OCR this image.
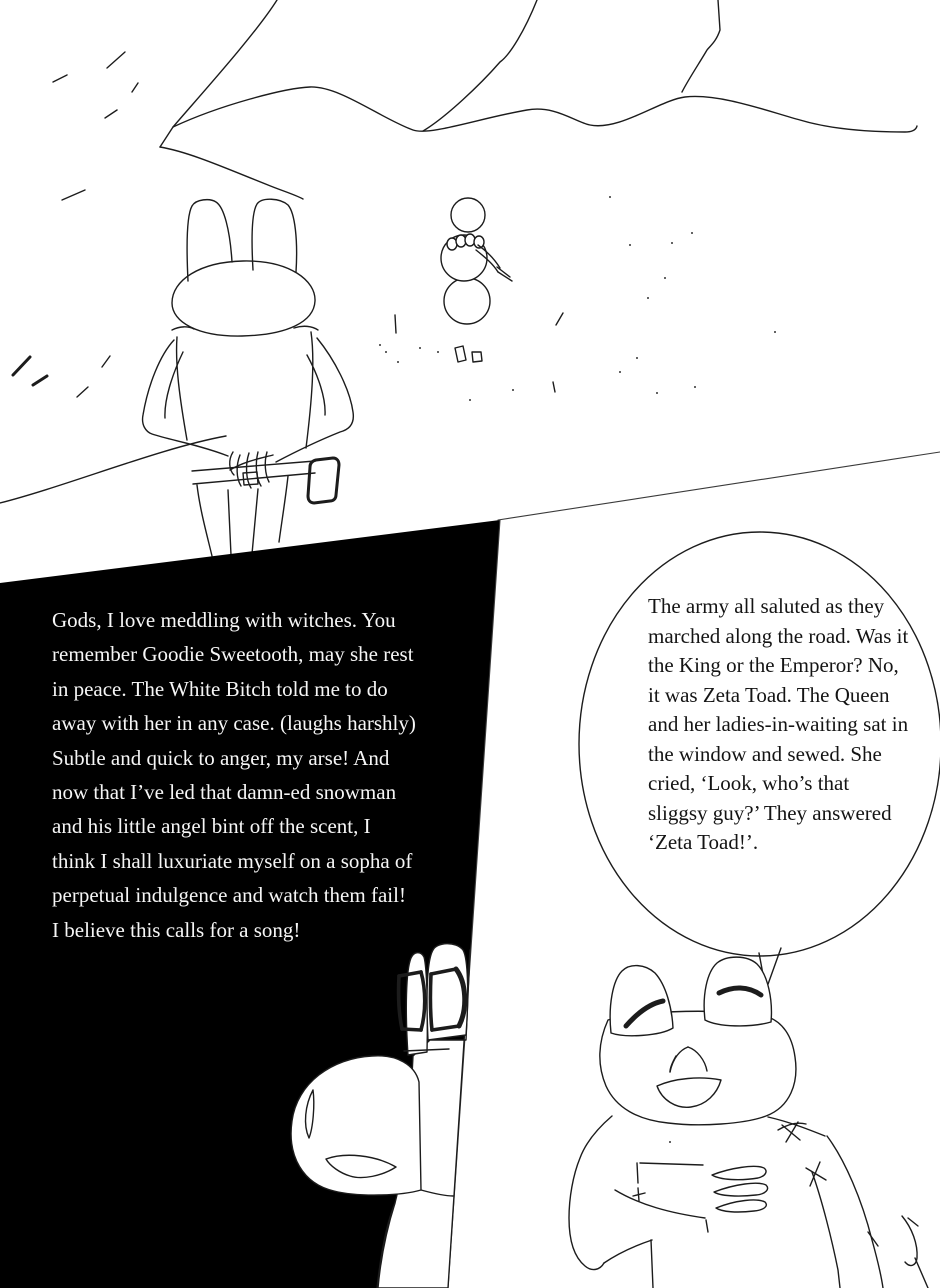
Gods, I love meddling with witches. You
remember Goodie Sweetooth, may she rest
in peace. The White Bitch told me to do
away with her in any case. (laughs harshly)
Subtle and quick to anger, my arse! And
now that I’ve led that damn-ed snowman
and his little angel bint off the scent, I
think I shall luxuriate myself on a sopha of
perpetual indulgence and watch them fail!
I believe this calls for a song!
The army all saluted as they
marched along the road. Was it
the King or the Emperor? No,
it was Zeta Toad. The Queen
and her ladies-in-waiting sat in
the window and sewed. She
cried, ‘Look, who’s that
sliggsy guy?’ They answered
‘Zeta Toad!’.
